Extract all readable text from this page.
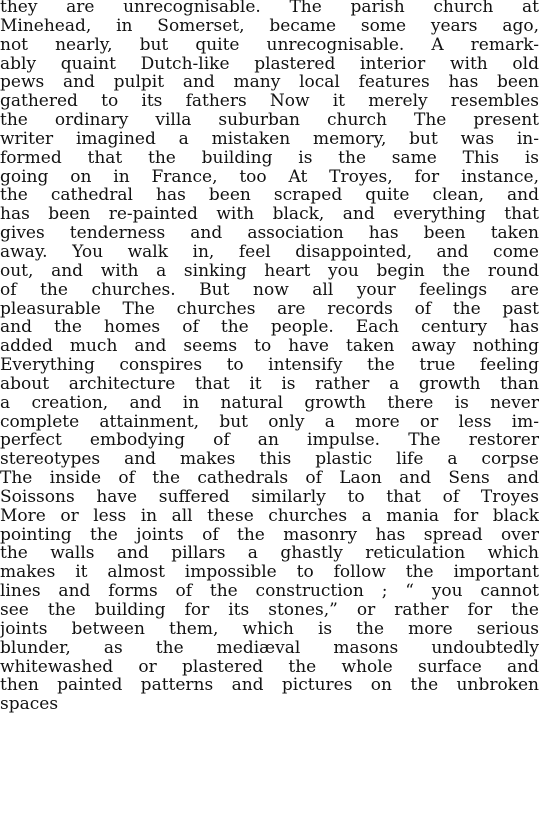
they are unrecognisable. The parish church at
Minehead, in Somerset, became some years ago,
not nearly, but quite unrecognisable. A remark-
ably quaint Dutch-like plastered interior with old
pews and pulpit and many local features has been
gathered to its fathers Now it merely resembles
the ordinary villa suburban church The present
writer imagined a mistaken memory, but was in-
formed that the building is the same This is
going on in France, too At Troyes, for instance,
the cathedral has been scraped quite clean, and
has been re-painted with black, and everything that
gives tenderness and association has been taken
away. You walk in, feel disappointed, and come
out, and with a sinking heart you begin the round
of the churches. But now all your feelings are
pleasurable The churches are records of the past
and the homes of the people. Each century has
added much and seems to have taken away nothing
Everything conspires to intensify the true feeling
about architecture that it is rather a growth than
a creation, and in natural growth there is never
complete attainment, but only a more or less im-
perfect embodying of an impulse. The restorer
stereotypes and makes this plastic life a corpse
The inside of the cathedrals of Laon and Sens and
Soissons have suffered similarly to that of Troyes
More or less in all these churches a mania for black
pointing the joints of the masonry has spread over
the walls and pillars a ghastly reticulation which
makes it almost impossible to follow the important
lines and forms of the construction ; “ you cannot
see the building for its stones,” or rather for the
joints between them, which is the more serious
blunder, as the mediæval masons undoubtedly
whitewashed or plastered the whole surface and
then painted patterns and pictures on the unbroken
spaces
